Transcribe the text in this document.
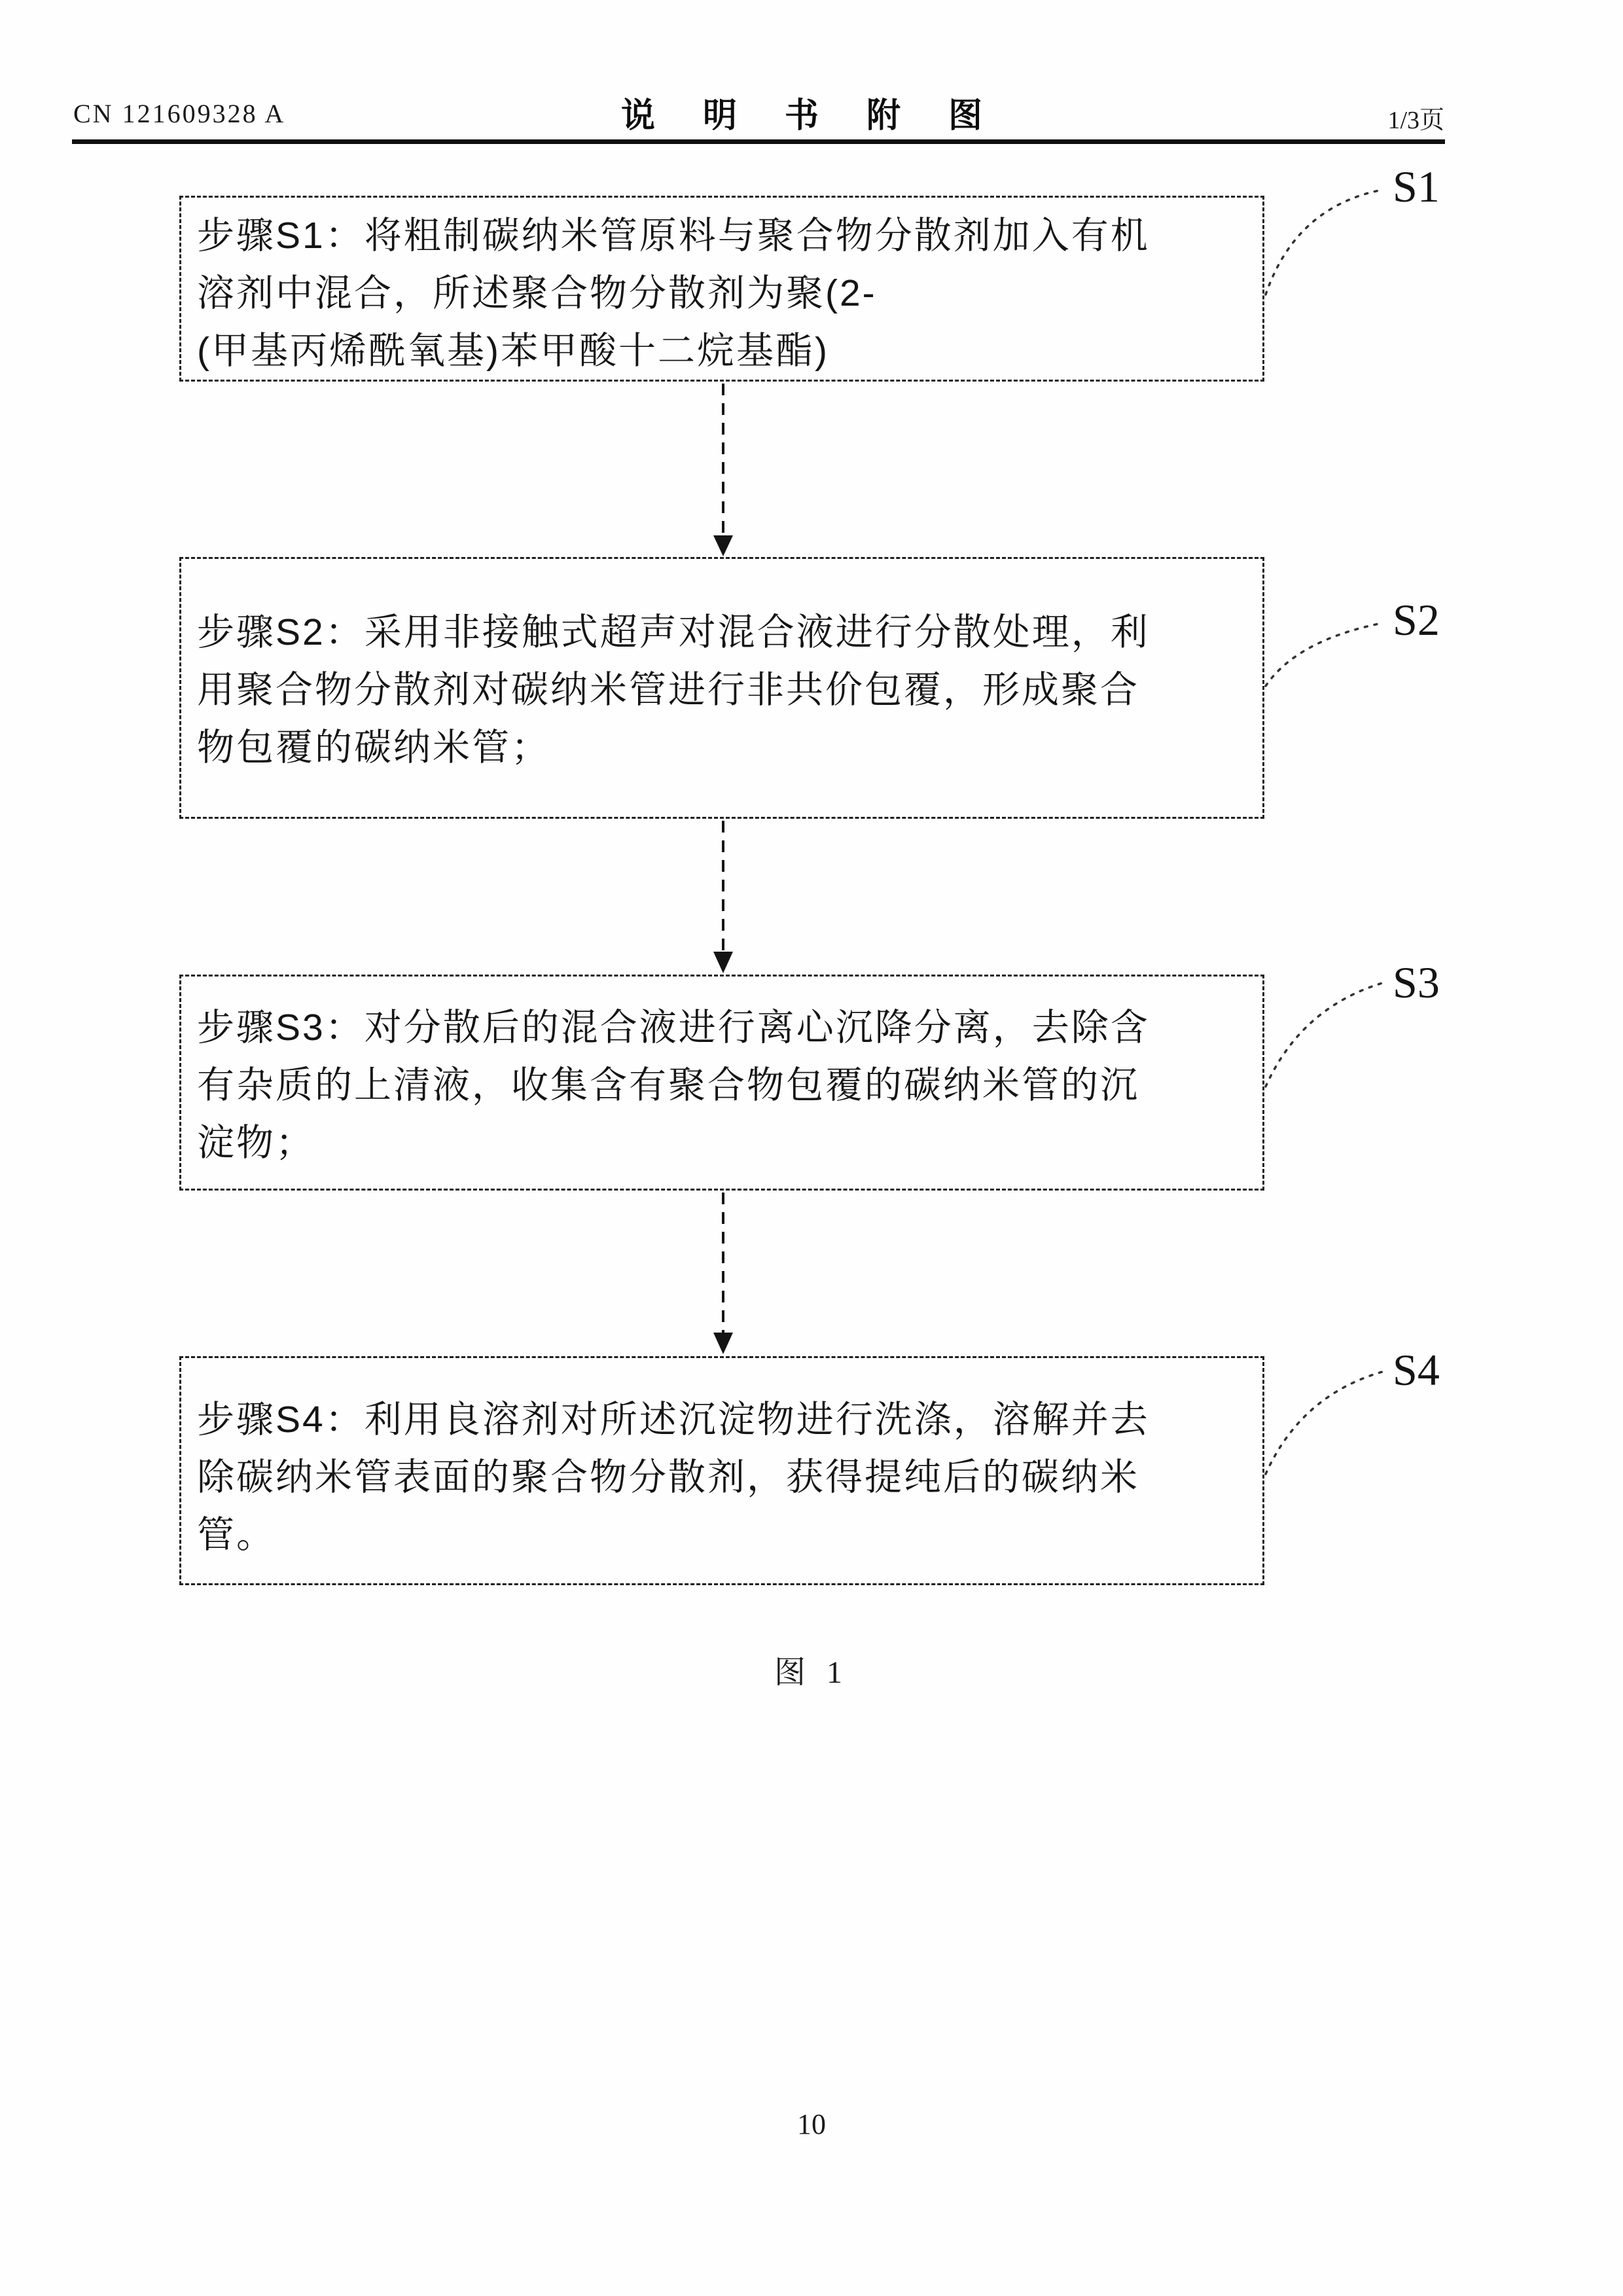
CN 121609328 A	说 明 书 附 图	1/3页
步骤S1：将粗制碳纳米管原料与聚合物分散剂加入有机
溶剂中混合，所述聚合物分散剂为聚(2-
(甲基丙烯酰氧基)苯甲酸十二烷基酯)
步骤S2：采用非接触式超声对混合液进行分散处理，利
用聚合物分散剂对碳纳米管进行非共价包覆，形成聚合
物包覆的碳纳米管；
步骤S3：对分散后的混合液进行离心沉降分离，去除含
有杂质的上清液，收集含有聚合物包覆的碳纳米管的沉
淀物；
步骤S4：利用良溶剂对所述沉淀物进行洗涤，溶解并去
除碳纳米管表面的聚合物分散剂，获得提纯后的碳纳米
管。
S1
S2
S3
S4
图 1
10
